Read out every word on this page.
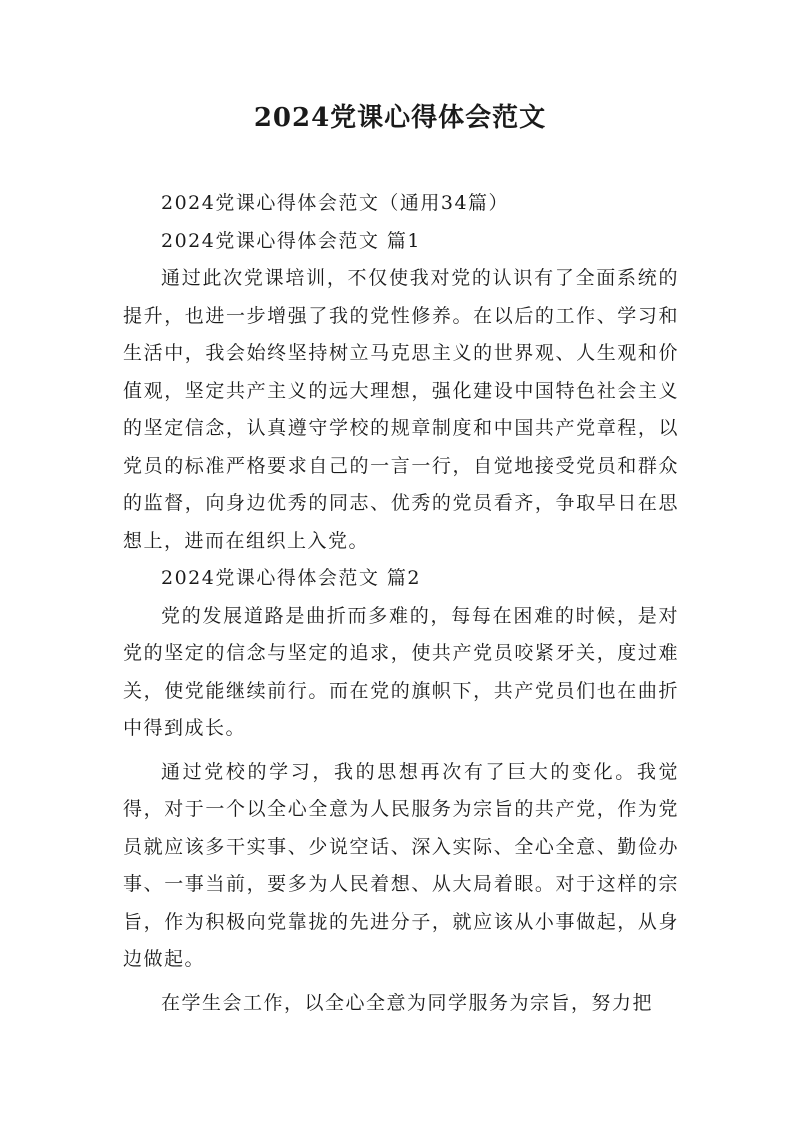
2024党课心得体会范文

2024党课心得体会范文（通用34篇）

2024党课心得体会范文 篇1

通过此次党课培训，不仅使我对党的认识有了全面系统的提升，也进一步增强了我的党性修养。在以后的工作、学习和生活中，我会始终坚持树立马克思主义的世界观、人生观和价值观，坚定共产主义的远大理想，强化建设中国特色社会主义的坚定信念，认真遵守学校的规章制度和中国共产党章程，以党员的标准严格要求自己的一言一行，自觉地接受党员和群众的监督，向身边优秀的同志、优秀的党员看齐，争取早日在思想上，进而在组织上入党。

2024党课心得体会范文 篇2

党的发展道路是曲折而多难的，每每在困难的时候，是对党的坚定的信念与坚定的追求，使共产党员咬紧牙关，度过难关，使党能继续前行。而在党的旗帜下，共产党员们也在曲折中得到成长。

通过党校的学习，我的思想再次有了巨大的变化。我觉得，对于一个以全心全意为人民服务为宗旨的共产党，作为党员就应该多干实事、少说空话、深入实际、全心全意、勤俭办事、一事当前，要多为人民着想、从大局着眼。对于这样的宗旨，作为积极向党靠拢的先进分子，就应该从小事做起，从身边做起。

在学生会工作，以全心全意为同学服务为宗旨，努力把
